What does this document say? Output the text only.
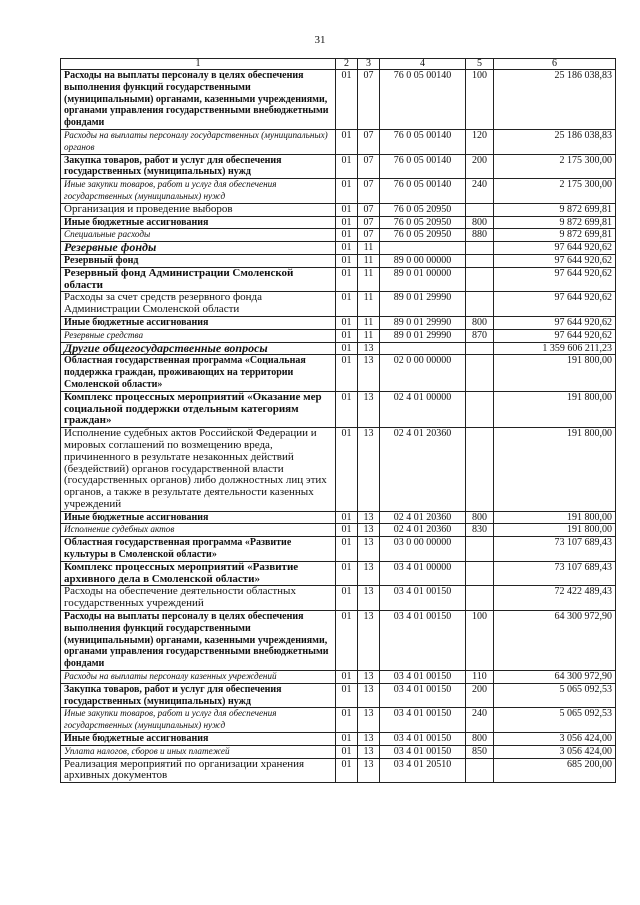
31
1	2	3	4	5	6
Расходы на выплаты персоналу в целях обеспечения выполнения функций государственными (муниципальными) органами, казенными учреждениями, органами управления государственными внебюджетными фондами	01	07	76 0 05 00140	100	25 186 038,83
Расходы на выплаты персоналу государственных (муниципальных) органов	01	07	76 0 05 00140	120	25 186 038,83
Закупка товаров, работ и услуг для обеспечения государственных (муниципальных) нужд	01	07	76 0 05 00140	200	2 175 300,00
Иные закупки товаров, работ и услуг для обеспечения государственных (муниципальных) нужд	01	07	76 0 05 00140	240	2 175 300,00
Организация и проведение выборов	01	07	76 0 05 20950		9 872 699,81
Иные бюджетные ассигнования	01	07	76 0 05 20950	800	9 872 699,81
Специальные расходы	01	07	76 0 05 20950	880	9 872 699,81
Резервные фонды	01	11			97 644 920,62
Резервный фонд	01	11	89 0 00 00000		97 644 920,62
Резервный фонд Администрации Смоленской области	01	11	89 0 01 00000		97 644 920,62
Расходы за счет средств резервного фонда Администрации Смоленской области	01	11	89 0 01 29990		97 644 920,62
Иные бюджетные ассигнования	01	11	89 0 01 29990	800	97 644 920,62
Резервные средства	01	11	89 0 01 29990	870	97 644 920,62
Другие общегосударственные вопросы	01	13			1 359 606 211,23
Областная государственная программа «Социальная поддержка граждан, проживающих на территории Смоленской области»	01	13	02 0 00 00000		191 800,00
Комплекс процессных мероприятий «Оказание мер социальной поддержки отдельным категориям граждан»	01	13	02 4 01 00000		191 800,00
Исполнение судебных актов Российской Федерации и мировых соглашений по возмещению вреда, причиненного в результате незаконных действий (бездействий) органов государственной власти (государственных органов) либо должностных лиц этих органов, а также в результате деятельности казенных учреждений	01	13	02 4 01 20360		191 800,00
Иные бюджетные ассигнования	01	13	02 4 01 20360	800	191 800,00
Исполнение судебных актов	01	13	02 4 01 20360	830	191 800,00
Областная государственная программа «Развитие культуры в Смоленской области»	01	13	03 0 00 00000		73 107 689,43
Комплекс процессных мероприятий «Развитие архивного дела в Смоленской области»	01	13	03 4 01 00000		73 107 689,43
Расходы на обеспечение деятельности областных государственных учреждений	01	13	03 4 01 00150		72 422 489,43
Расходы на выплаты персоналу в целях обеспечения выполнения функций государственными (муниципальными) органами, казенными учреждениями, органами управления государственными внебюджетными фондами	01	13	03 4 01 00150	100	64 300 972,90
Расходы на выплаты персоналу казенных учреждений	01	13	03 4 01 00150	110	64 300 972,90
Закупка товаров, работ и услуг для обеспечения государственных (муниципальных) нужд	01	13	03 4 01 00150	200	5 065 092,53
Иные закупки товаров, работ и услуг для обеспечения государственных (муниципальных) нужд	01	13	03 4 01 00150	240	5 065 092,53
Иные бюджетные ассигнования	01	13	03 4 01 00150	800	3 056 424,00
Уплата налогов, сборов и иных платежей	01	13	03 4 01 00150	850	3 056 424,00
Реализация мероприятий по организации хранения архивных документов	01	13	03 4 01 20510		685 200,00
